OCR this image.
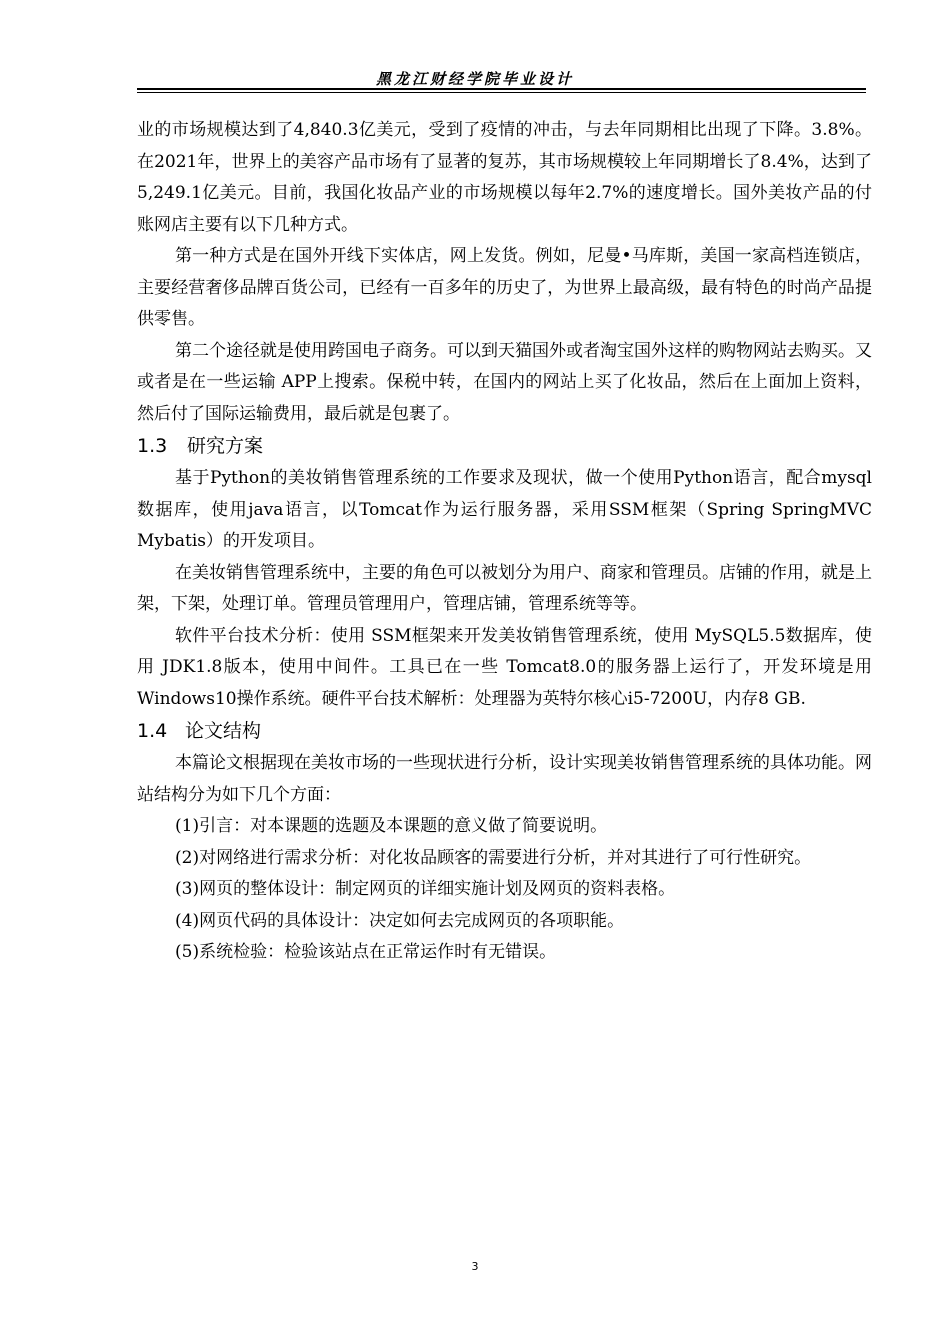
黑龙江财经学院毕业设计

业的市场规模达到了4,840.3亿美元，受到了疫情的冲击，与去年同期相比出现了下降。3.8%。在2021年，世界上的美容产品市场有了显著的复苏，其市场规模较上年同期增长了8.4%，达到了5,249.1亿美元。目前，我国化妆品产业的市场规模以每年2.7%的速度增长。国外美妆产品的付账网店主要有以下几种方式。

第一种方式是在国外开线下实体店，网上发货。例如，尼曼•马库斯，美国一家高档连锁店，主要经营奢侈品牌百货公司，已经有一百多年的历史了，为世界上最高级，最有特色的时尚产品提供零售。

第二个途径就是使用跨国电子商务。可以到天猫国外或者淘宝国外这样的购物网站去购买。又或者是在一些运输 APP上搜索。保税中转，在国内的网站上买了化妆品，然后在上面加上资料，然后付了国际运输费用，最后就是包裹了。

1.3 研究方案

基于Python的美妆销售管理系统的工作要求及现状，做一个使用Python语言，配合mysql数据库，使用java语言，以Tomcat作为运行服务器，采用SSM框架（Spring SpringMVC Mybatis）的开发项目。

在美妆销售管理系统中，主要的角色可以被划分为用户、商家和管理员。店铺的作用，就是上架，下架，处理订单。管理员管理用户，管理店铺，管理系统等等。

软件平台技术分析：使用 SSM框架来开发美妆销售管理系统，使用 MySQL5.5数据库，使用 JDK1.8版本，使用中间件。工具已在一些 Tomcat8.0的服务器上运行了，开发环境是用Windows10操作系统。硬件平台技术解析：处理器为英特尔核心i5-7200U，内存8 GB.

1.4 论文结构

本篇论文根据现在美妆市场的一些现状进行分析，设计实现美妆销售管理系统的具体功能。网站结构分为如下几个方面：

(1)引言：对本课题的选题及本课题的意义做了简要说明。

(2)对网络进行需求分析：对化妆品顾客的需要进行分析，并对其进行了可行性研究。

(3)网页的整体设计：制定网页的详细实施计划及网页的资料表格。

(4)网页代码的具体设计：决定如何去完成网页的各项职能。

(5)系统检验：检验该站点在正常运作时有无错误。

3
